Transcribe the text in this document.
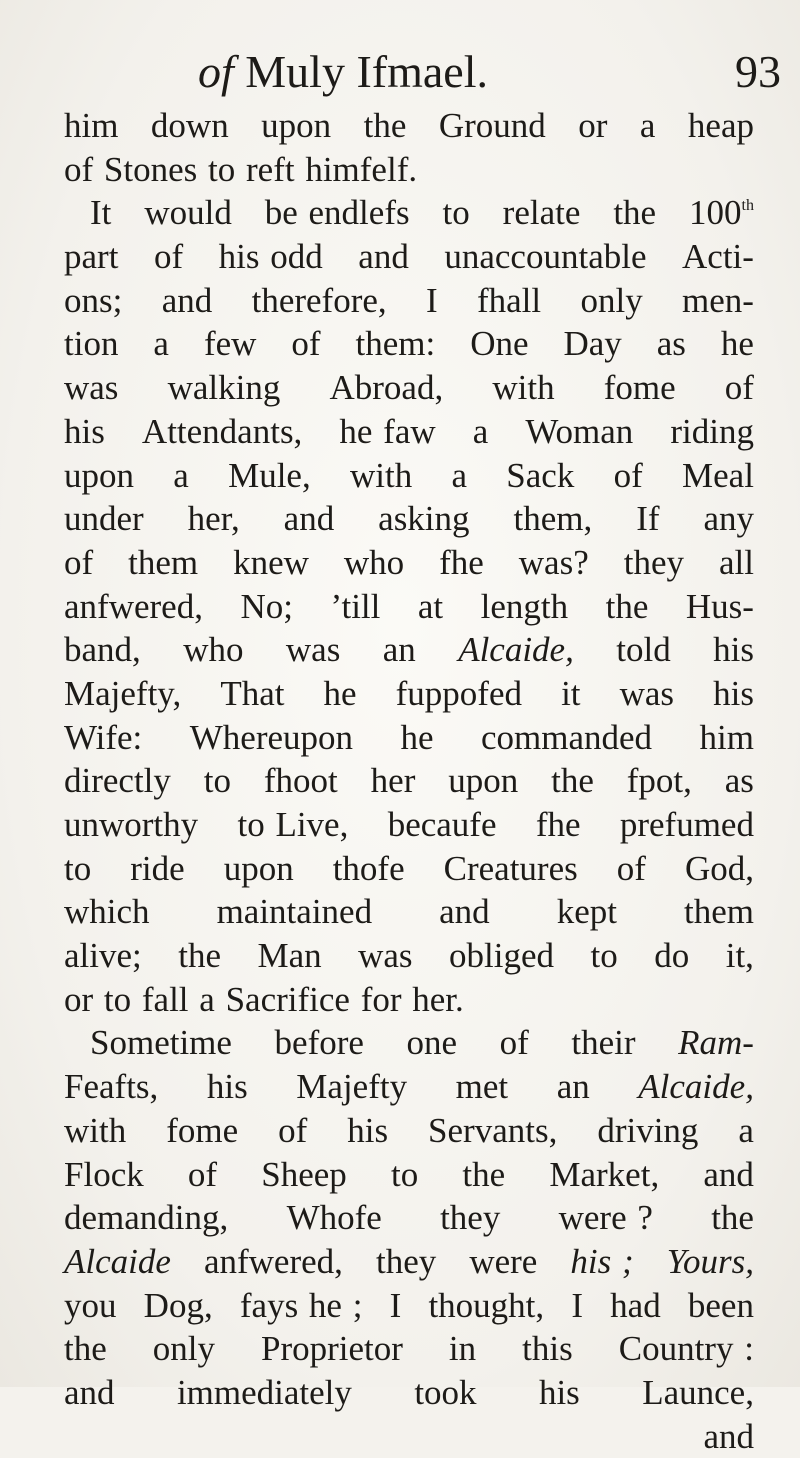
of Muly Ifmael.	93
him down upon the Ground or a heap
of
Stones
to
reft
himfelf.
It would be endlefs to relate the 100th
part of his odd and unaccountable Acti-
ons; and therefore, I fhall only men-
tion a few of them: One Day as he
was walking Abroad, with fome of
his Attendants, he faw a Woman riding
upon a Mule, with a Sack of Meal
under her, and asking them, If any
of them knew who fhe was? they all
anfwered, No; ’till at length the Hus-
band, who was an Alcaide, told his
Majefty, That he fuppofed it was his
Wife: Whereupon he commanded him
directly to fhoot her upon the fpot, as
unworthy to Live, becaufe fhe prefumed
to ride upon thofe Creatures of God,
which maintained and kept them
alive; the Man was obliged to do it,
or
to
fall
a
Sacrifice
for
her.
Sometime before one of their Ram-
Feafts, his Majefty met an Alcaide,
with fome of his Servants, driving a
Flock of Sheep to the Market, and
demanding, Whofe they were ? the
Alcaide anfwered, they were his ; Yours,
you Dog, fays he ; I thought, I had been
the only Proprietor in this Country :
and immediately took his Launce,
and
